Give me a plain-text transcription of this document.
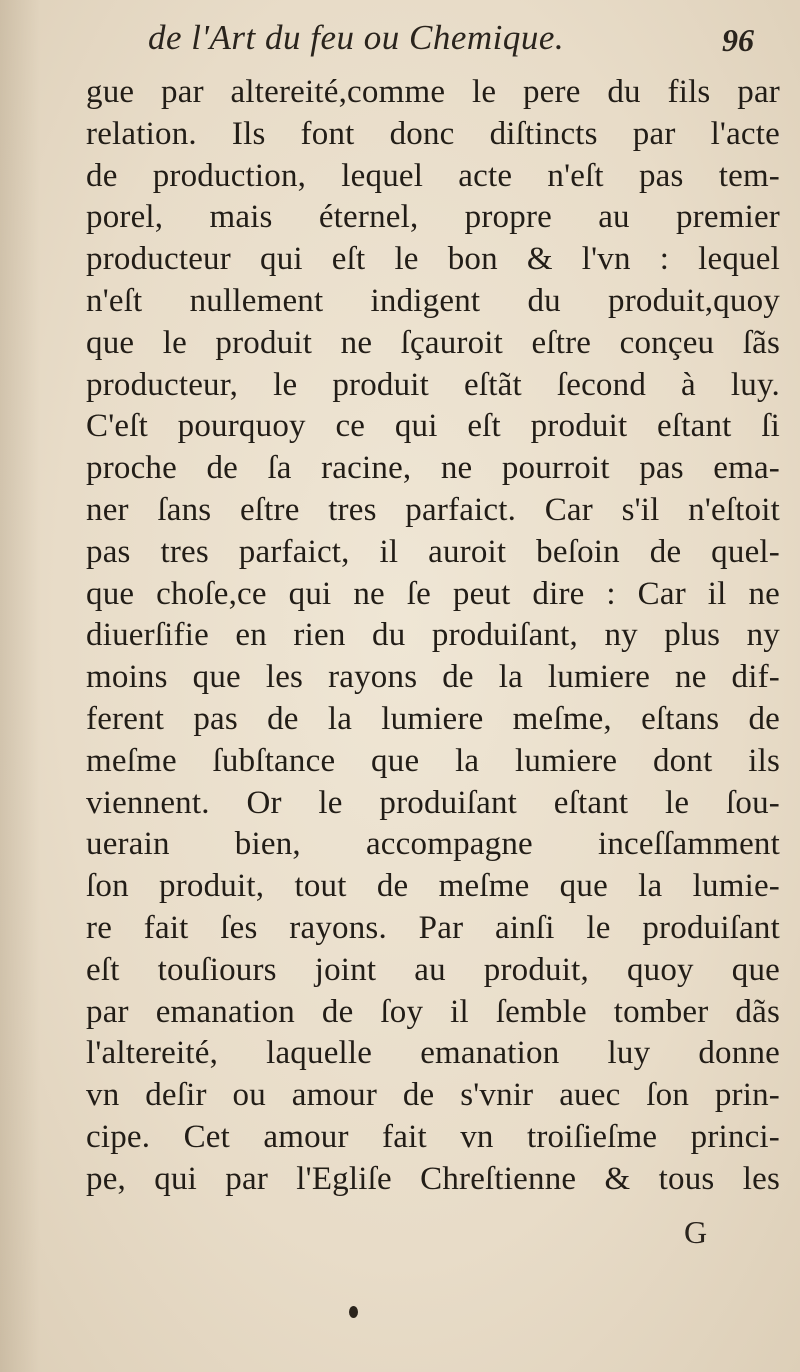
de l'Art du feu ou Chemique.	96
gue par altereité,comme le pere du fils par
relation. Ils font donc diſtincts par l'acte
de production, lequel acte n'eſt pas tem-
porel, mais éternel, propre au premier
producteur qui eſt le bon & l'vn : lequel
n'eſt nullement indigent du produit,quoy
que le produit ne ſçauroit eſtre conçeu ſãs
producteur, le produit eſtãt ſecond à luy.
C'eſt pourquoy ce qui eſt produit eſtant ſi
proche de ſa racine, ne pourroit pas ema-
ner ſans eſtre tres parfaict. Car s'il n'eſtoit
pas tres parfaict, il auroit beſoin de quel-
que choſe,ce qui ne ſe peut dire : Car il ne
diuerſifie en rien du produiſant, ny plus ny
moins que les rayons de la lumiere ne dif-
ferent pas de la lumiere meſme, eſtans de
meſme ſubſtance que la lumiere dont ils
viennent. Or le produiſant eſtant le ſou-
uerain bien, accompagne inceſſamment
ſon produit, tout de meſme que la lumie-
re fait ſes rayons. Par ainſi le produiſant
eſt touſiours joint au produit, quoy que
par emanation de ſoy il ſemble tomber dãs
l'altereité, laquelle emanation luy donne
vn deſir ou amour de s'vnir auec ſon prin-
cipe. Cet amour fait vn troiſieſme princi-
pe, qui par l'Egliſe Chreſtienne & tous les
G
